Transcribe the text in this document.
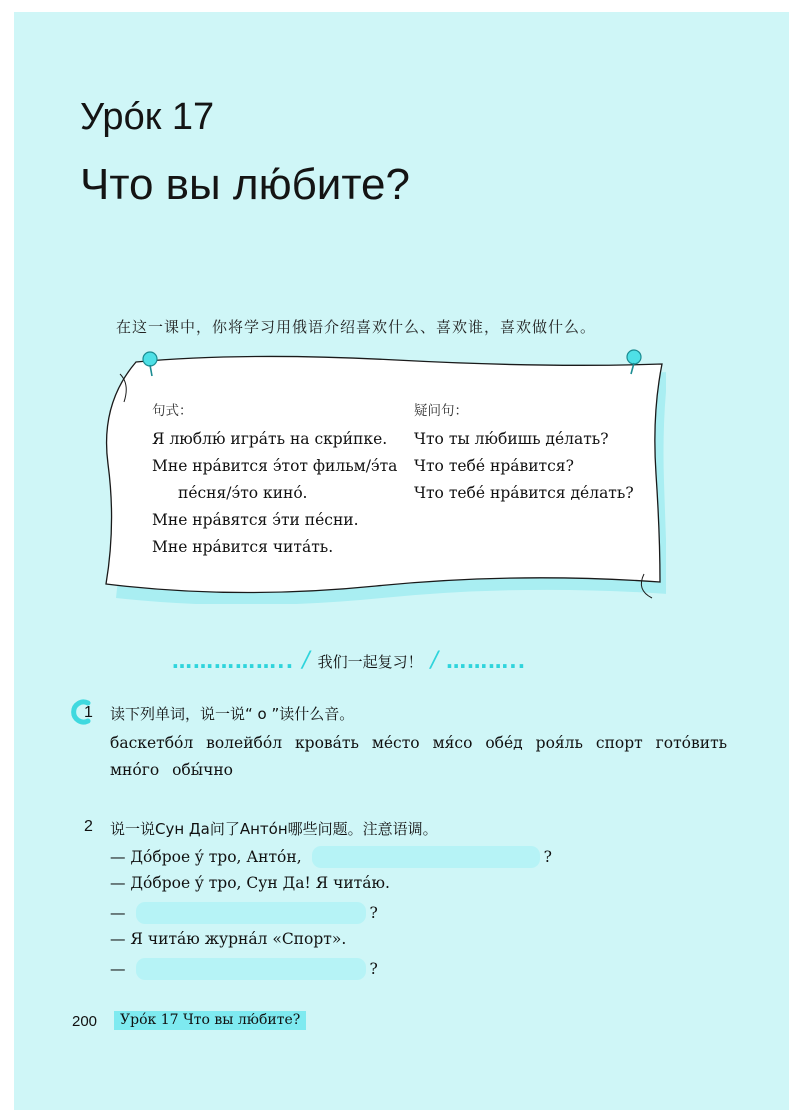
Урóк 17
Что вы лю́бите?
在这一课中，你将学习用俄语介绍喜欢什么、喜欢谁，喜欢做什么。
句式：
Я люблю́ игрáть на скри́пке.
Мне нрáвится э́тот фильм/э́та
пéсня/э́то кинó.
Мне нрáвятся э́ти пéсни.
Мне нрáвится читáть.
疑问句：
Что ты лю́бишь дéлать?
Что тебé нрáвится?
Что тебé нрáвится дéлать?
…………….. / 我们一起复习！ / ………..
1 读下列单词，说一说“ о ”读什么音。
баскетбóл волейбóл кровáть мéсто мя́со обéд роя́ль спорт готóвить
мнóго обы́чно
2 说一说Сун Да问了Антóн哪些问题。注意语调。
— Дóброе ý тро, Антóн,	?
— Дóброе ý тро, Сун Да! Я читáю.
—	?
— Я читáю журнáл «Спорт».
—	?
200	Урóк 17 Что вы лю́бите?
